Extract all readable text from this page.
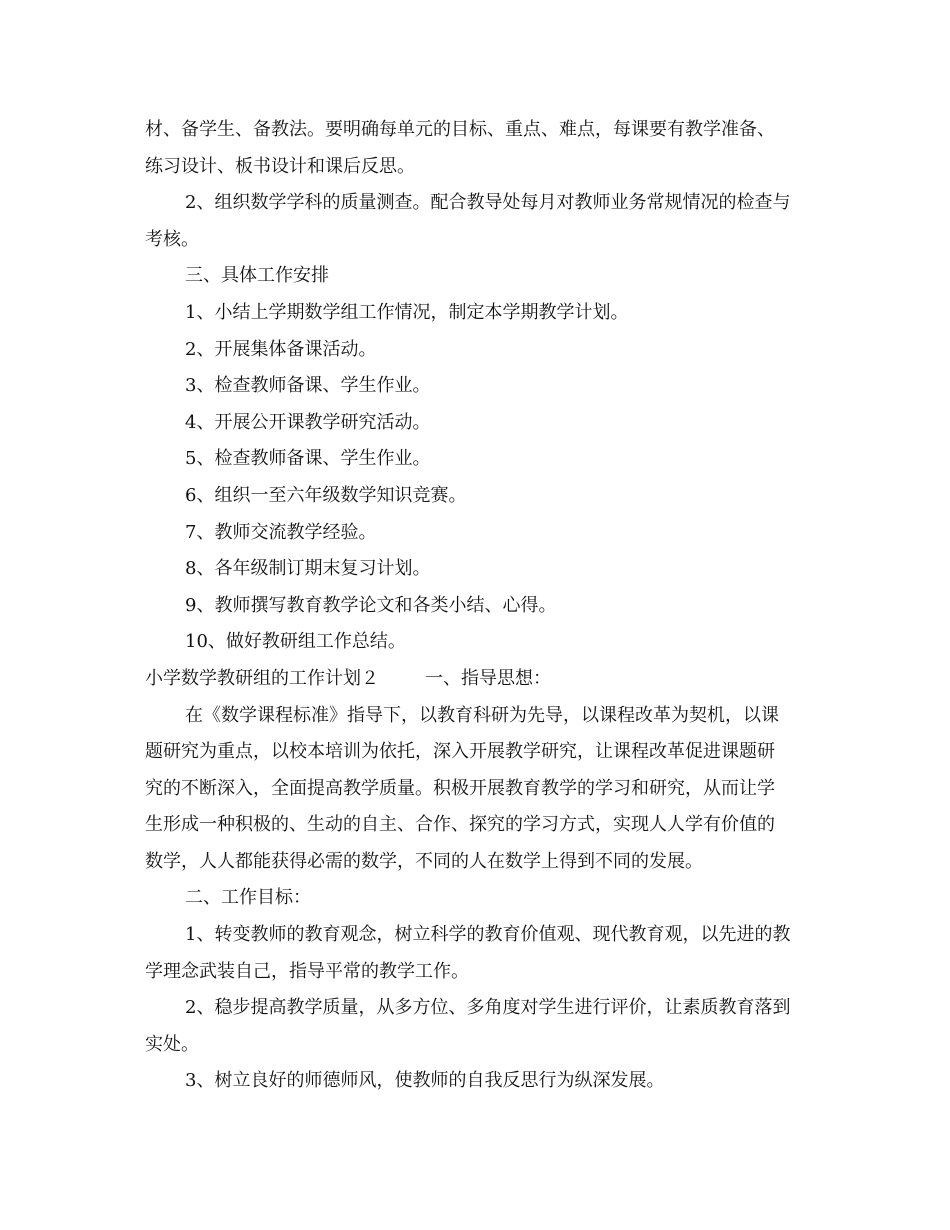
材、备学生、备教法。要明确每单元的目标、重点、难点，每课要有教学准备、
练习设计、板书设计和课后反思。
2、组织数学学科的质量测查。配合教导处每月对教师业务常规情况的检查与
考核。
三、具体工作安排
1、小结上学期数学组工作情况，制定本学期教学计划。
2、开展集体备课活动。
3、检查教师备课、学生作业。
4、开展公开课教学研究活动。
5、检查教师备课、学生作业。
6、组织一至六年级数学知识竞赛。
7、教师交流教学经验。
8、各年级制订期末复习计划。
9、教师撰写教育教学论文和各类小结、心得。
10、做好教研组工作总结。
小学数学教研组的工作计划２	一、指导思想：
在《数学课程标准》指导下，以教育科研为先导，以课程改革为契机，以课
题研究为重点，以校本培训为依托，深入开展教学研究，让课程改革促进课题研
究的不断深入，全面提高教学质量。积极开展教育教学的学习和研究，从而让学
生形成一种积极的、生动的自主、合作、探究的学习方式，实现人人学有价值的
数学，人人都能获得必需的数学，不同的人在数学上得到不同的发展。
二、工作目标：
1、转变教师的教育观念，树立科学的教育价值观、现代教育观，以先进的教
学理念武装自己，指导平常的教学工作。
2、稳步提高教学质量，从多方位、多角度对学生进行评价，让素质教育落到
实处。
3、树立良好的师德师风，使教师的自我反思行为纵深发展。
